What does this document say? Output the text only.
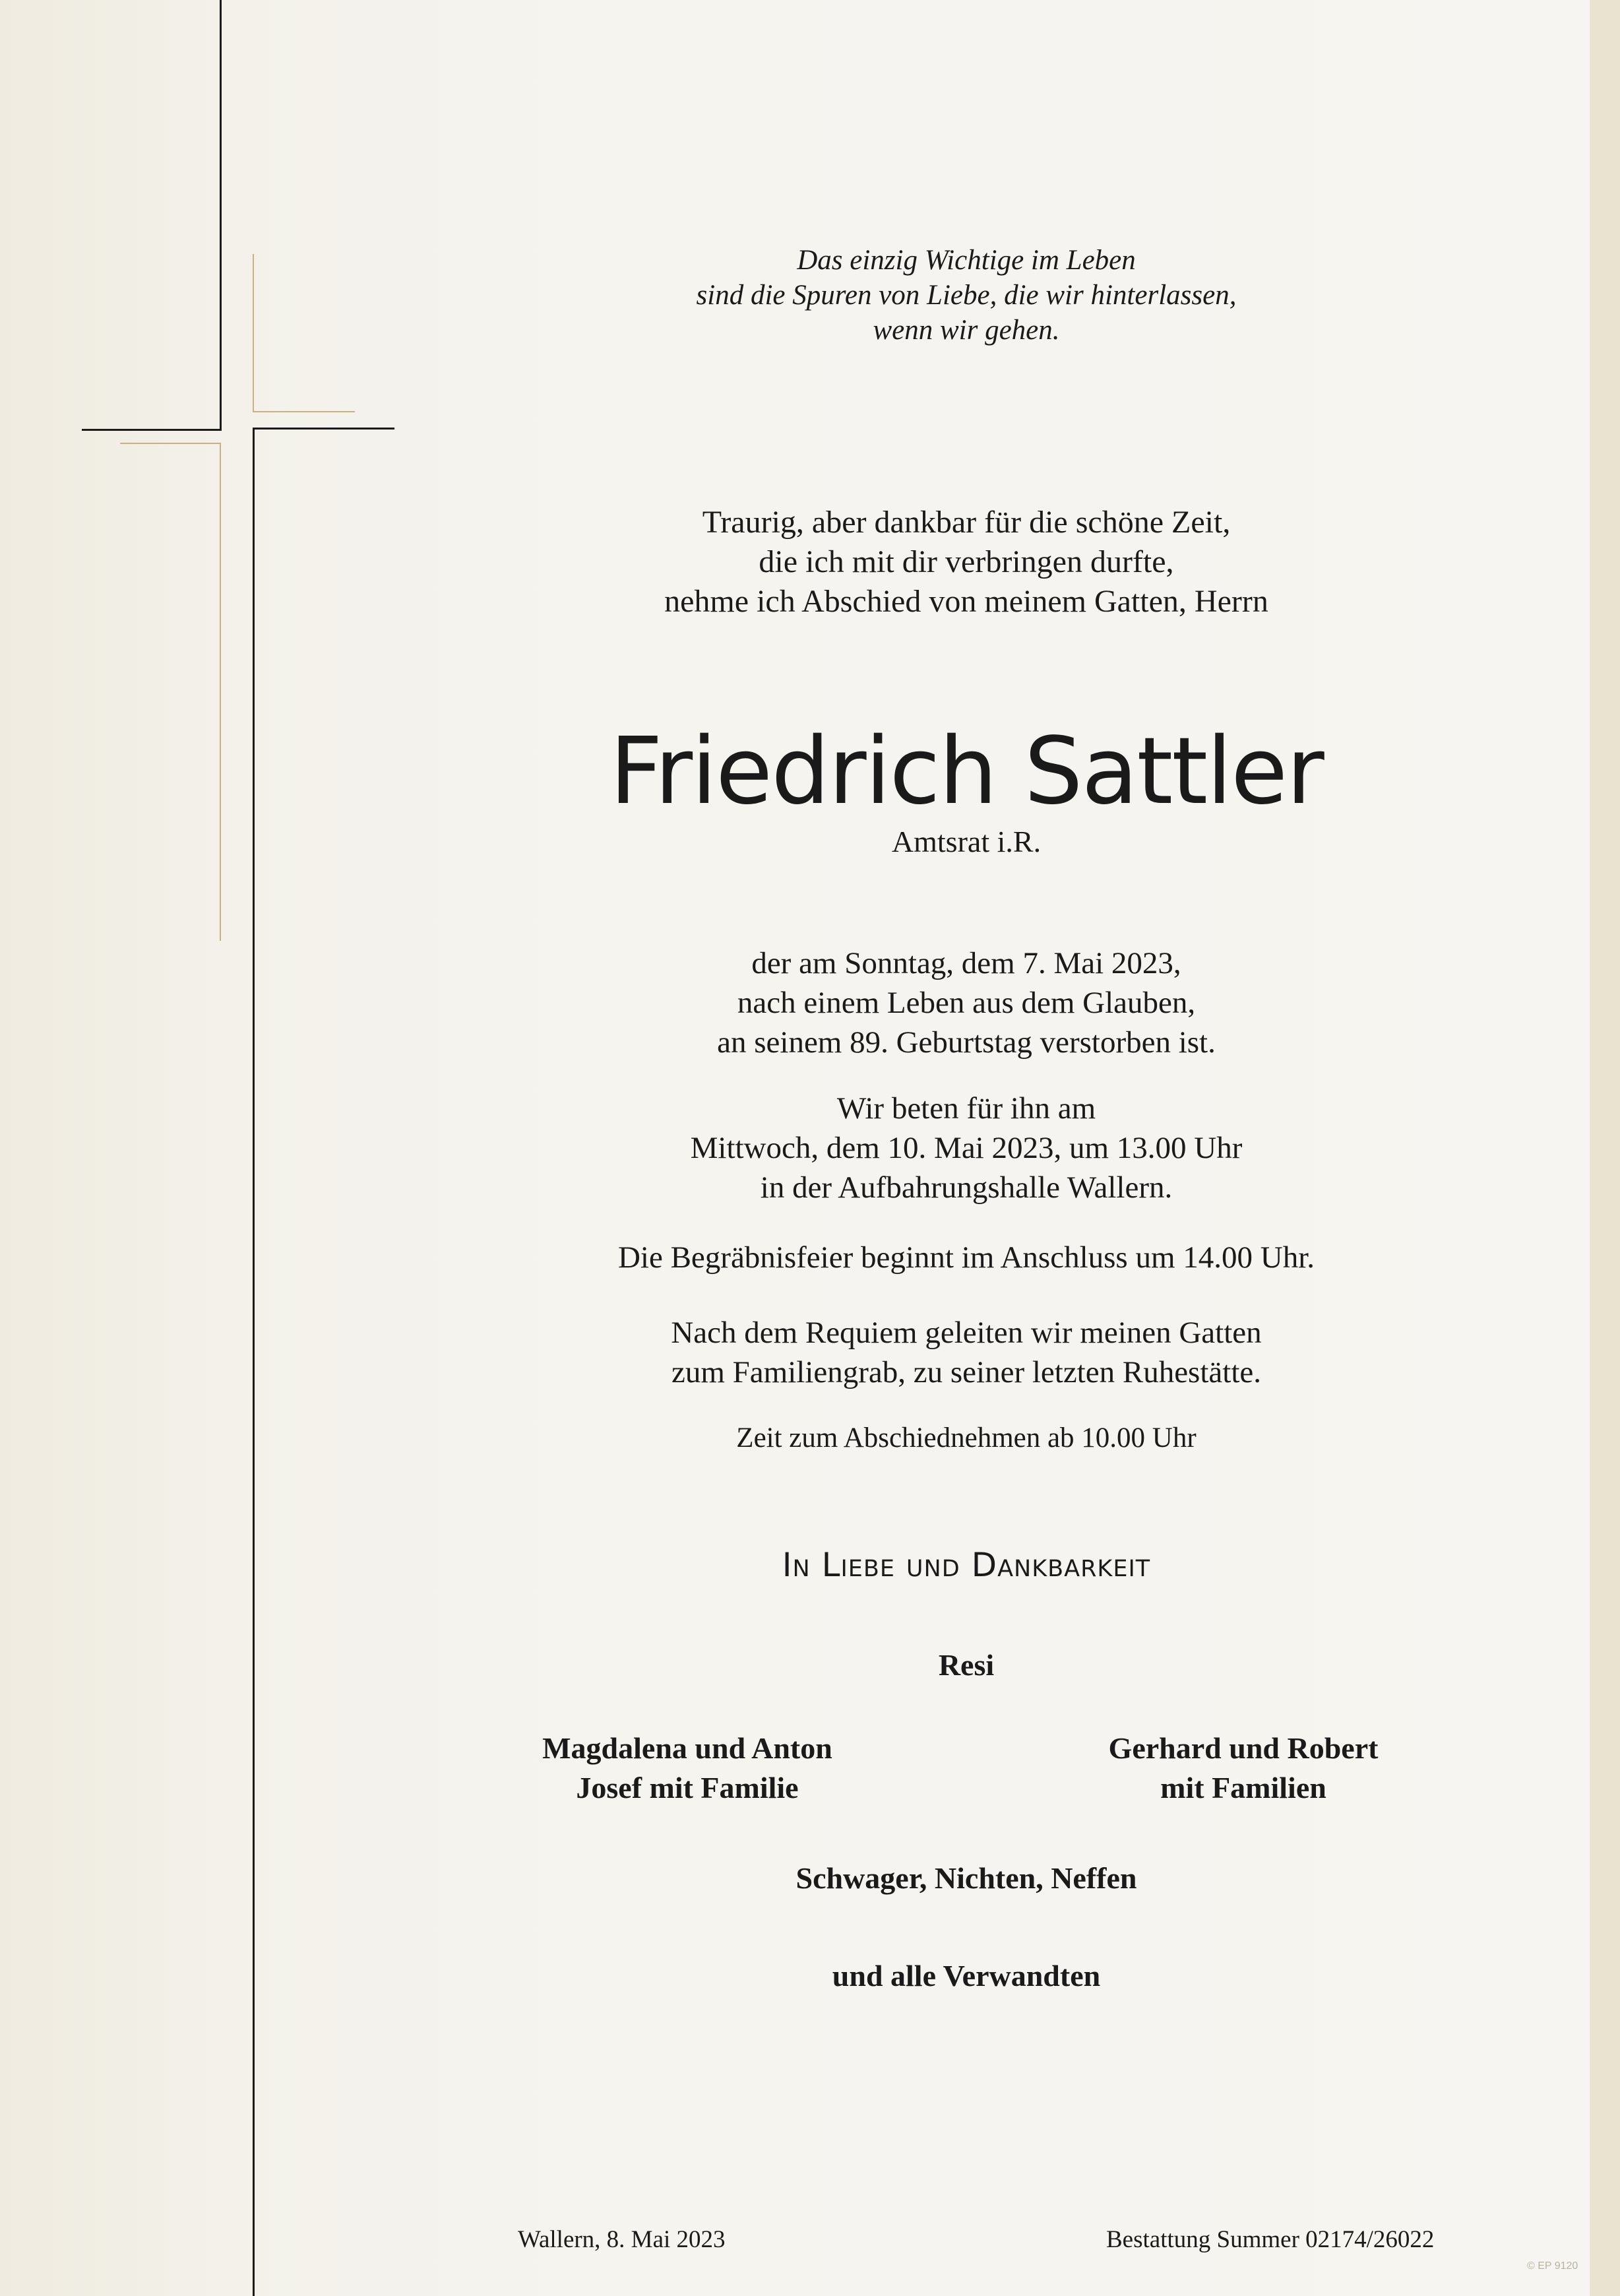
Das einzig Wichtige im Leben
sind die Spuren von Liebe, die wir hinterlassen,
wenn wir gehen.
Traurig, aber dankbar für die schöne Zeit,
die ich mit dir verbringen durfte,
nehme ich Abschied von meinem Gatten, Herrn
Friedrich Sattler
Amtsrat i.R.
der am Sonntag, dem 7. Mai 2023,
nach einem Leben aus dem Glauben,
an seinem 89. Geburtstag verstorben ist.
Wir beten für ihn am
Mittwoch, dem 10. Mai 2023, um 13.00 Uhr
in der Aufbahrungshalle Wallern.
Die Begräbnisfeier beginnt im Anschluss um 14.00 Uhr.
Nach dem Requiem geleiten wir meinen Gatten
zum Familiengrab, zu seiner letzten Ruhestätte.
Zeit zum Abschiednehmen ab 10.00 Uhr
In Liebe und Dankbarkeit
Resi
Magdalena und Anton
Josef mit Familie
Gerhard und Robert
mit Familien
Schwager, Nichten, Neffen
und alle Verwandten
Wallern, 8. Mai 2023	Bestattung Summer 02174/26022
© EP 9120
